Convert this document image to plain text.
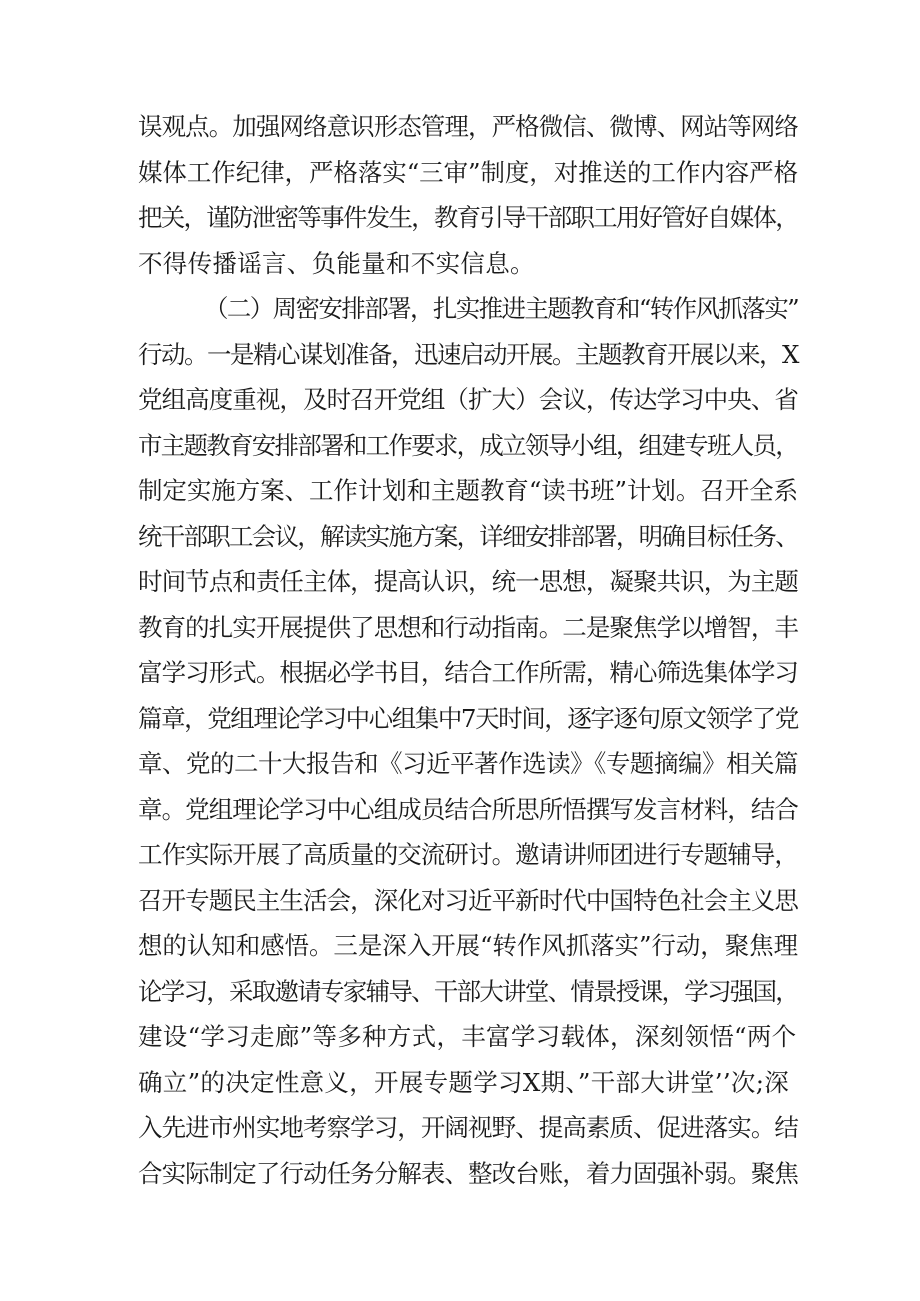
误观点。加强网络意识形态管理，严格微信、微博、网站等网络
媒体工作纪律，严格落实“三审”制度，对推送的工作内容严格
把关，谨防泄密等事件发生，教育引导干部职工用好管好自媒体，
不得传播谣言、负能量和不实信息。
（二）周密安排部署，扎实推进主题教育和“转作风抓落实”
行动。一是精心谋划准备，迅速启动开展。主题教育开展以来，X
党组高度重视，及时召开党组（扩大）会议，传达学习中央、省
市主题教育安排部署和工作要求，成立领导小组，组建专班人员，
制定实施方案、工作计划和主题教育“读书班”计划。召开全系
统干部职工会议，解读实施方案，详细安排部署，明确目标任务、
时间节点和责任主体，提高认识，统一思想，凝聚共识，为主题
教育的扎实开展提供了思想和行动指南。二是聚焦学以增智，丰
富学习形式。根据必学书目，结合工作所需，精心筛选集体学习
篇章，党组理论学习中心组集中7天时间，逐字逐句原文领学了党
章、党的二十大报告和《习近平著作选读》《专题摘编》相关篇
章。党组理论学习中心组成员结合所思所悟撰写发言材料，结合
工作实际开展了高质量的交流研讨。邀请讲师团进行专题辅导，
召开专题民主生活会，深化对习近平新时代中国特色社会主义思
想的认知和感悟。三是深入开展“转作风抓落实”行动，聚焦理
论学习，采取邀请专家辅导、干部大讲堂、情景授课，学习强国，
建设“学习走廊”等多种方式，丰富学习载体，深刻领悟“两个
确立”的决定性意义，开展专题学习X期、”干部大讲堂’’次;深
入先进市州实地考察学习，开阔视野、提高素质、促进落实。结
合实际制定了行动任务分解表、整改台账，着力固强补弱。聚焦
